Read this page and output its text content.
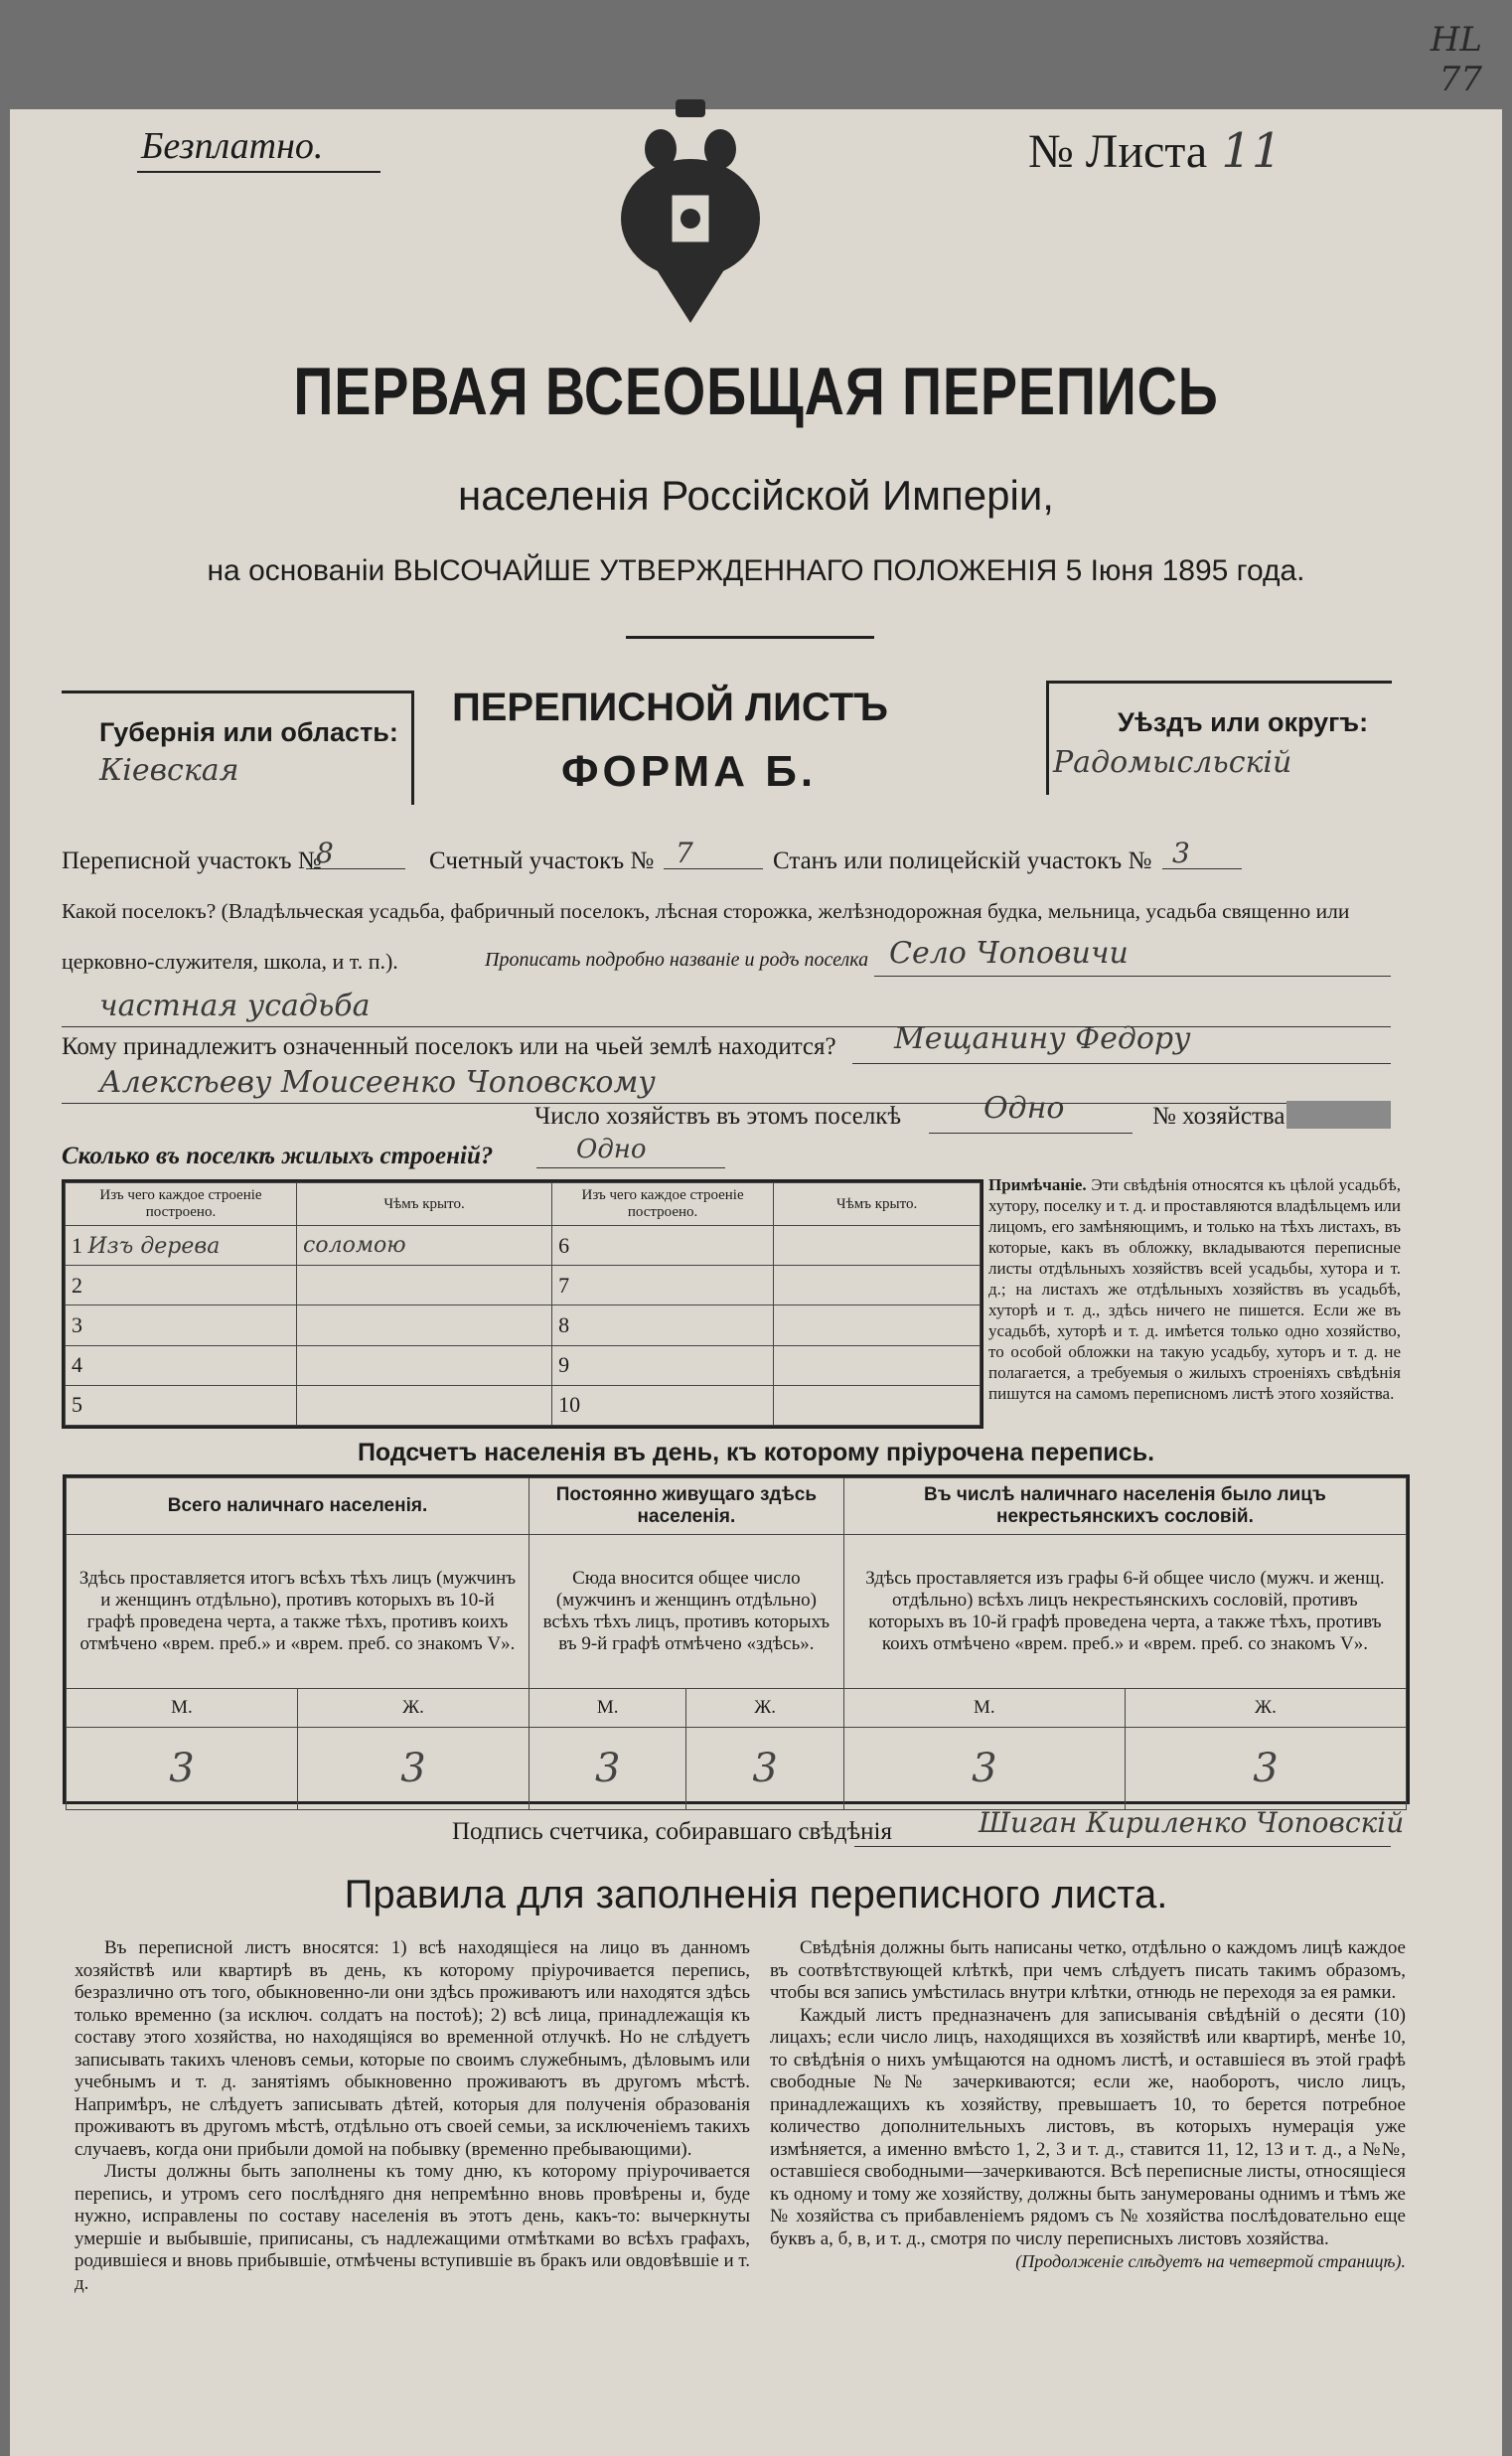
HL
77
Безплатно.	№ Листа 11
ПЕРВАЯ ВСЕОБЩАЯ ПЕРЕПИСЬ
населенія Россійской Имперіи,
на основаніи ВЫСОЧАЙШЕ УТВЕРЖДЕННАГО ПОЛОЖЕНІЯ 5 Іюня 1895 года.
Губернія или область:
Кіевская
Уѣздъ или округъ:
Радомысльскій
ПЕРЕПИСНОЙ ЛИСТЪ
ФОРМА Б.
Переписной участокъ №
8	Счетный участокъ № 7	Станъ или полицейскій участокъ № 3
Какой поселокъ? (Владѣльческая усадьба, фабричный поселокъ, лѣсная сторожка, желѣзнодорожная будка, мельница, усадьба священно или
церковно-служителя, школа, и т. п.).	Прописать подробно названіе и родъ поселка Село Чоповичи
частная усадьба
Кому принадлежитъ означенный поселокъ или на чьей землѣ находится? Мещанину Федору
Алексѣеву Моисеенко Чоповскому
Число хозяйствъ въ этомъ поселкѣ	Одно	№ хозяйства
Сколько въ поселкѣ жилыхъ строеній?	Одно
Изъ чего каждое строеніе построено.	Чѣмъ крыто.	Изъ чего каждое строеніе построено.	Чѣмъ крыто.
1 Изъ дерева	соломою	6	
2		7	
3		8	
4		9	
5		10	
Примѣчаніе. Эти свѣдѣнія относятся къ цѣлой усадьбѣ, хутору, поселку и т. д. и проставляются владѣльцемъ или лицомъ, его замѣняющимъ, и только на тѣхъ листахъ, въ которые, какъ въ обложку, вкладываются переписные листы отдѣльныхъ хозяйствъ всей усадьбы, хутора и т. д.; на листахъ же отдѣльныхъ хозяйствъ въ усадьбѣ, хуторѣ и т. д., здѣсь ничего не пишется. Если же въ усадьбѣ, хуторѣ и т. д. имѣется только одно хозяйство, то особой обложки на такую усадьбу, хуторъ и т. д. не полагается, а требуемыя о жилыхъ строеніяхъ свѣдѣнія пишутся на самомъ переписномъ листѣ этого хозяйства.
Подсчетъ населенія въ день, къ которому пріурочена перепись.
Всего наличнаго населенія.		Постоянно живущаго здѣсь населенія.		Въ числѣ наличнаго населенія было лицъ некрестьянскихъ сословій.	
Здѣсь проставляется итогъ всѣхъ тѣхъ лицъ (мужчинъ и женщинъ отдѣльно), противъ которыхъ въ 10-й графѣ проведена черта, а также тѣхъ, противъ коихъ отмѣчено «врем. преб.» и «врем. преб. со знакомъ V».		Сюда вносится общее число (мужчинъ и женщинъ отдѣльно) всѣхъ тѣхъ лицъ, противъ которыхъ въ 9-й графѣ отмѣчено «здѣсь».		Здѣсь проставляется изъ графы 6-й общее число (мужч. и женщ. отдѣльно) всѣхъ лицъ некрестьянскихъ сословій, противъ которыхъ въ 10-й графѣ проведена черта, а также тѣхъ, противъ коихъ отмѣчено «врем. преб.» и «врем. преб. со знакомъ V».	
М.	Ж.	М.	Ж.	М.	Ж.
3	3	3	3	3	3
Подпись счетчика, собиравшаго свѣдѣнія	Шиган Кириленко Чоповскій
Правила для заполненія переписного листа.

Въ переписной листъ вносятся: 1) всѣ находящіеся на лицо въ данномъ хозяйствѣ или квартирѣ въ день, къ которому пріурочивается перепись, безразлично отъ того, обыкновенно-ли они здѣсь проживаютъ или находятся здѣсь только временно (за исключ. солдатъ на постоѣ); 2) всѣ лица, принадлежащія къ составу этого хозяйства, но находящіяся во временной отлучкѣ. Но не слѣдуетъ записывать такихъ членовъ семьи, которые по своимъ служебнымъ, дѣловымъ или учебнымъ и т. д. занятіямъ обыкновенно проживаютъ въ другомъ мѣстѣ. Напримѣръ, не слѣдуетъ записывать дѣтей, которыя для полученія образованія проживаютъ въ другомъ мѣстѣ, отдѣльно отъ своей семьи, за исключеніемъ такихъ случаевъ, когда они прибыли домой на побывку (временно пребывающими).

Листы должны быть заполнены къ тому дню, къ которому пріурочивается перепись, и утромъ сего послѣдняго дня непремѣнно вновь провѣрены и, буде нужно, исправлены по составу населенія въ этотъ день, какъ-то: вычеркнуты умершіе и выбывшіе, приписаны, съ надлежащими отмѣтками во всѣхъ графахъ, родившіеся и вновь прибывшіе, отмѣчены вступившіе въ бракъ или овдовѣвшіе и т. д.

Свѣдѣнія должны быть написаны четко, отдѣльно о каждомъ лицѣ каждое въ соотвѣтствующей клѣткѣ, при чемъ слѣдуетъ писать такимъ образомъ, чтобы вся запись умѣстилась внутри клѣтки, отнюдь не переходя за ея рамки.

Каждый листъ предназначенъ для записыванія свѣдѣній о десяти (10) лицахъ; если число лицъ, находящихся въ хозяйствѣ или квартирѣ, менѣе 10, то свѣдѣнія о нихъ умѣщаются на одномъ листѣ, и оставшіеся въ этой графѣ свободные №№ зачеркиваются; если же, наоборотъ, число лицъ, принадлежащихъ къ хозяйству, превышаетъ 10, то берется потребное количество дополнительныхъ листовъ, въ которыхъ нумерація уже измѣняется, а именно вмѣсто 1, 2, 3 и т. д., ставится 11, 12, 13 и т. д., а №№, оставшіеся свободными—зачеркиваются. Всѣ переписные листы, относящіеся къ одному и тому же хозяйству, должны быть занумерованы однимъ и тѣмъ же № хозяйства съ прибавленіемъ рядомъ съ № хозяйства послѣдовательно еще буквъ а, б, в, и т. д., смотря по числу переписныхъ листовъ хозяйства.

(Продолженіе слѣдуетъ на четвертой страницѣ).
